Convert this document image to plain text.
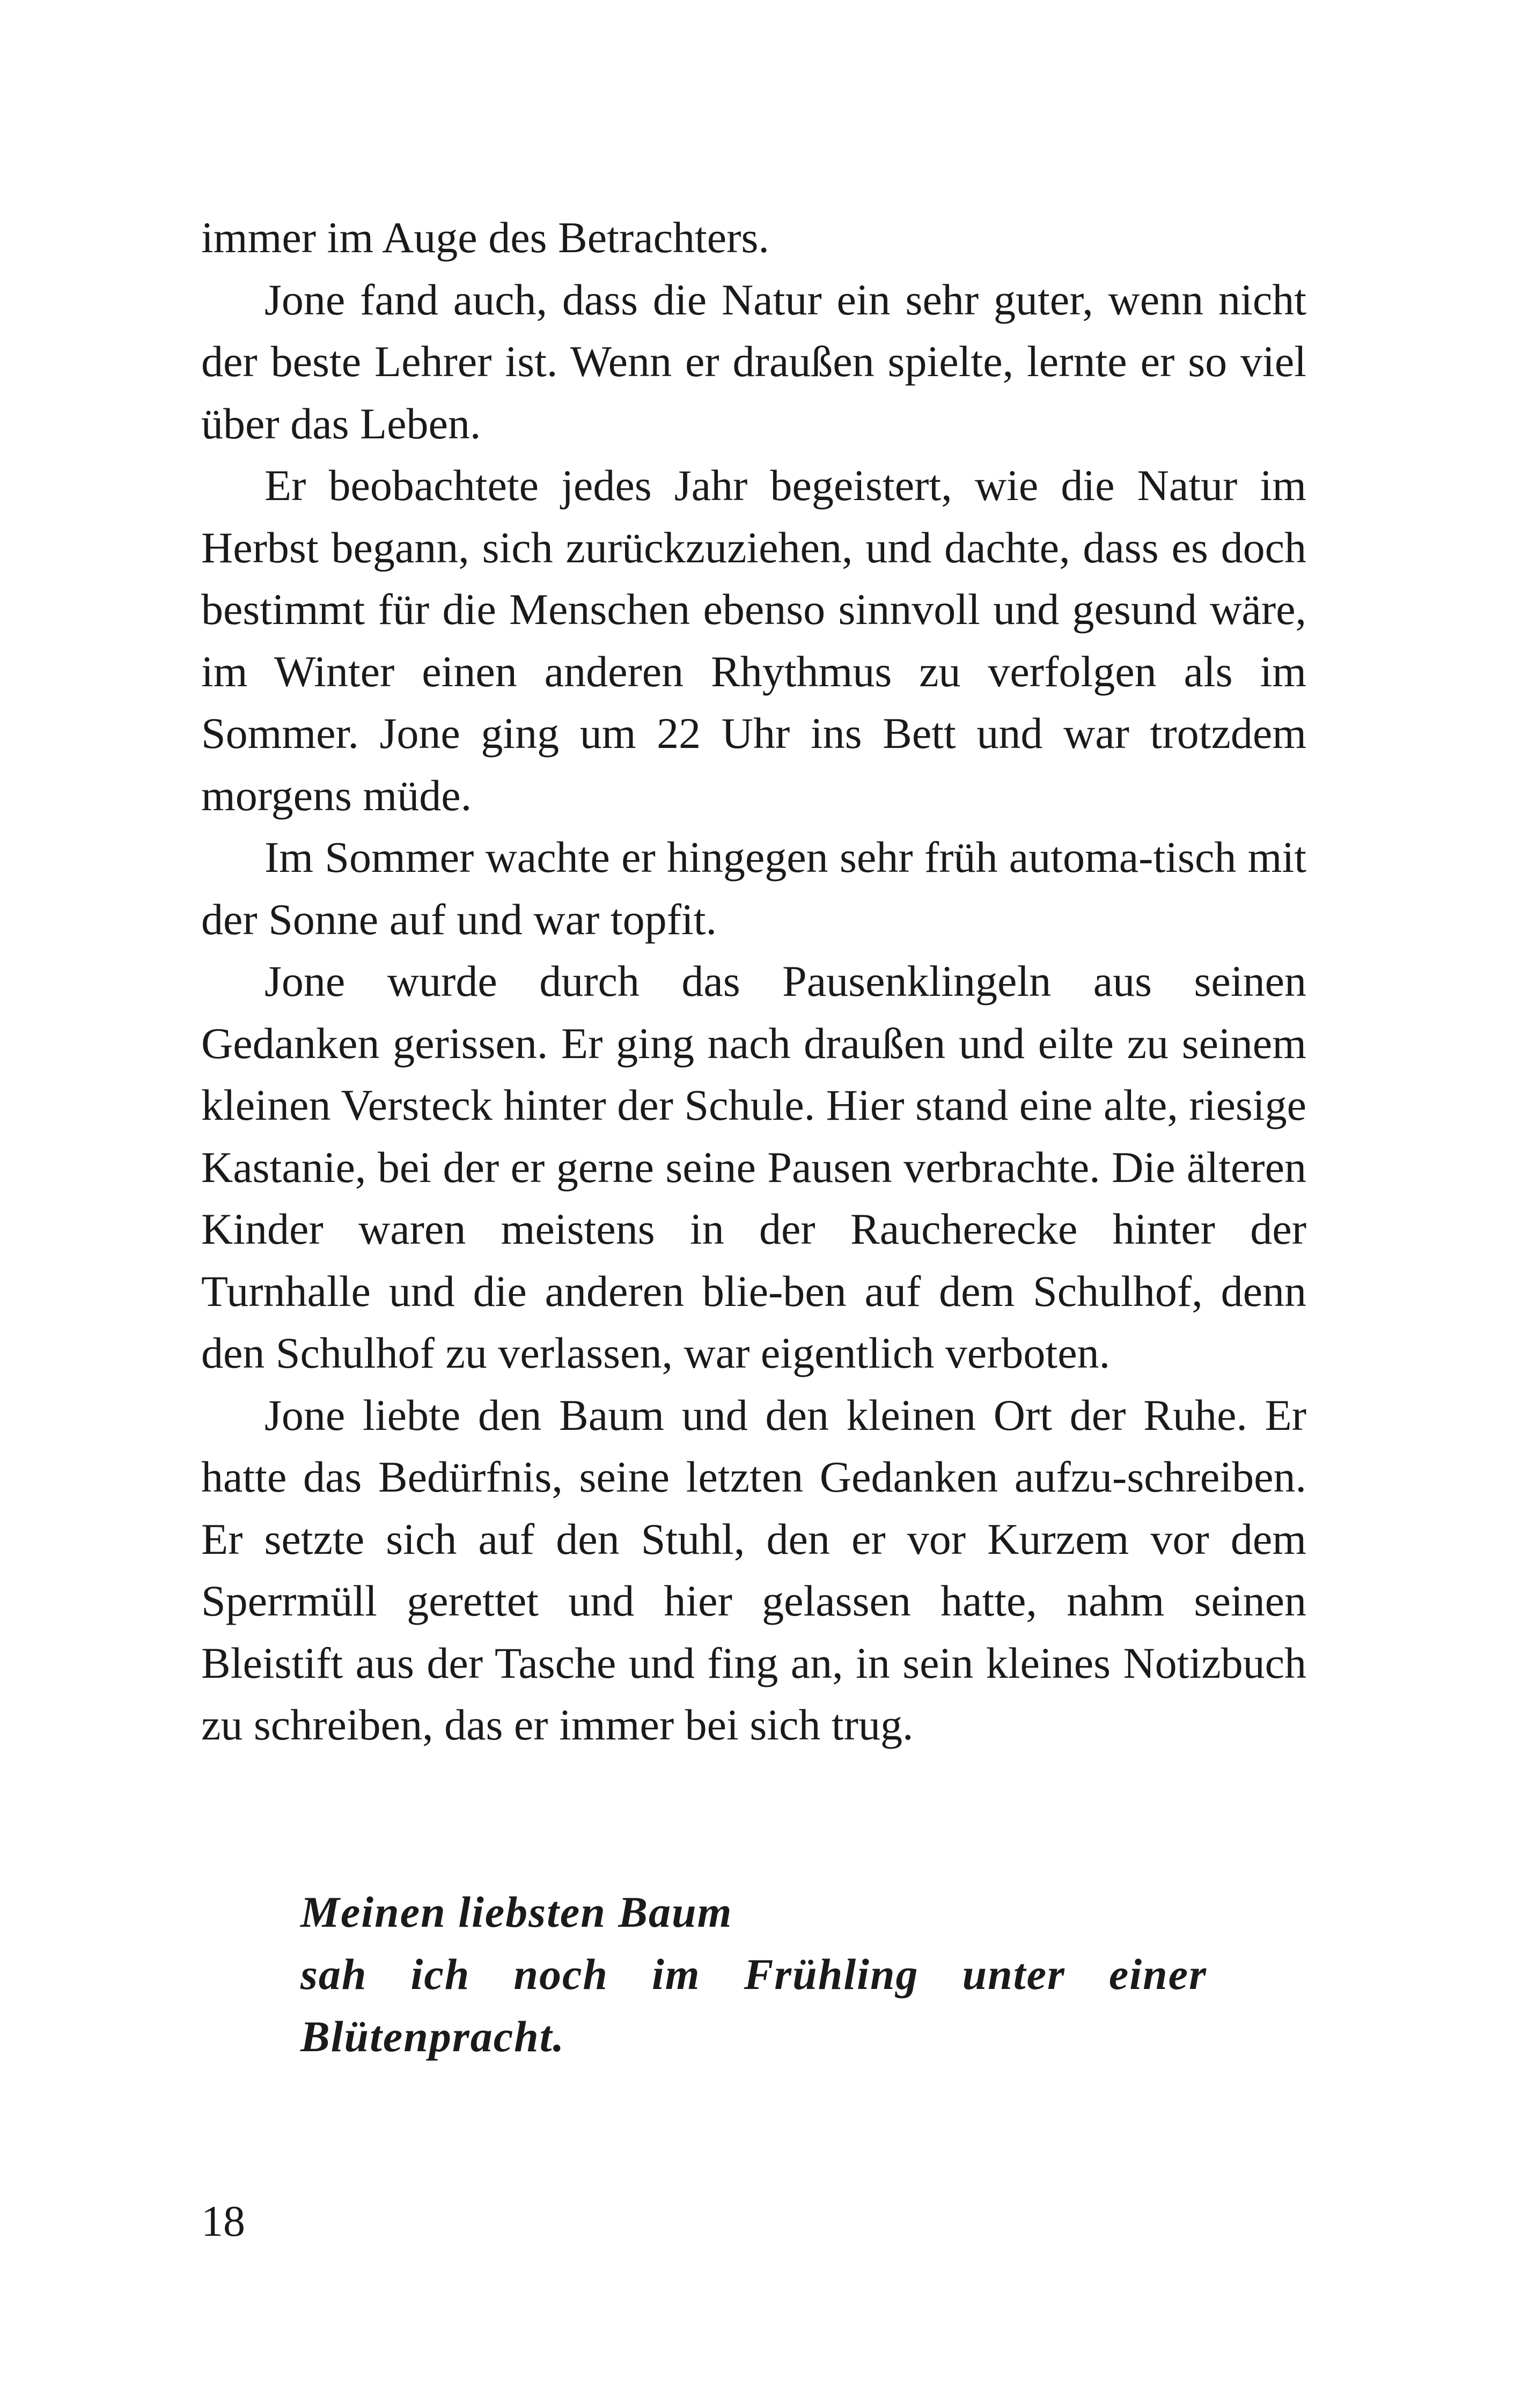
immer im Auge des Betrachters.

Jone fand auch, dass die Natur ein sehr guter, wenn nicht der beste Lehrer ist. Wenn er draußen spielte, lernte er so viel über das Leben.

Er beobachtete jedes Jahr begeistert, wie die Natur im Herbst begann, sich zurückzuziehen, und dachte, dass es doch bestimmt für die Menschen ebenso sinnvoll und gesund wäre, im Winter einen anderen Rhythmus zu verfolgen als im Sommer. Jone ging um 22 Uhr ins Bett und war trotzdem morgens müde.

Im Sommer wachte er hingegen sehr früh automa-tisch mit der Sonne auf und war topfit.

Jone wurde durch das Pausenklingeln aus seinen Gedanken gerissen. Er ging nach draußen und eilte zu seinem kleinen Versteck hinter der Schule. Hier stand eine alte, riesige Kastanie, bei der er gerne seine Pausen verbrachte. Die älteren Kinder waren meistens in der Raucherecke hinter der Turnhalle und die anderen blie-ben auf dem Schulhof, denn den Schulhof zu verlassen, war eigentlich verboten.

Jone liebte den Baum und den kleinen Ort der Ruhe. Er hatte das Bedürfnis, seine letzten Gedanken aufzu-schreiben. Er setzte sich auf den Stuhl, den er vor Kurzem vor dem Sperrmüll gerettet und hier gelassen hatte, nahm seinen Bleistift aus der Tasche und fing an, in sein kleines Notizbuch zu schreiben, das er immer bei sich trug.

Meinen liebsten Baum

sah ich noch im Frühling unter einer

Blütenpracht.

18
